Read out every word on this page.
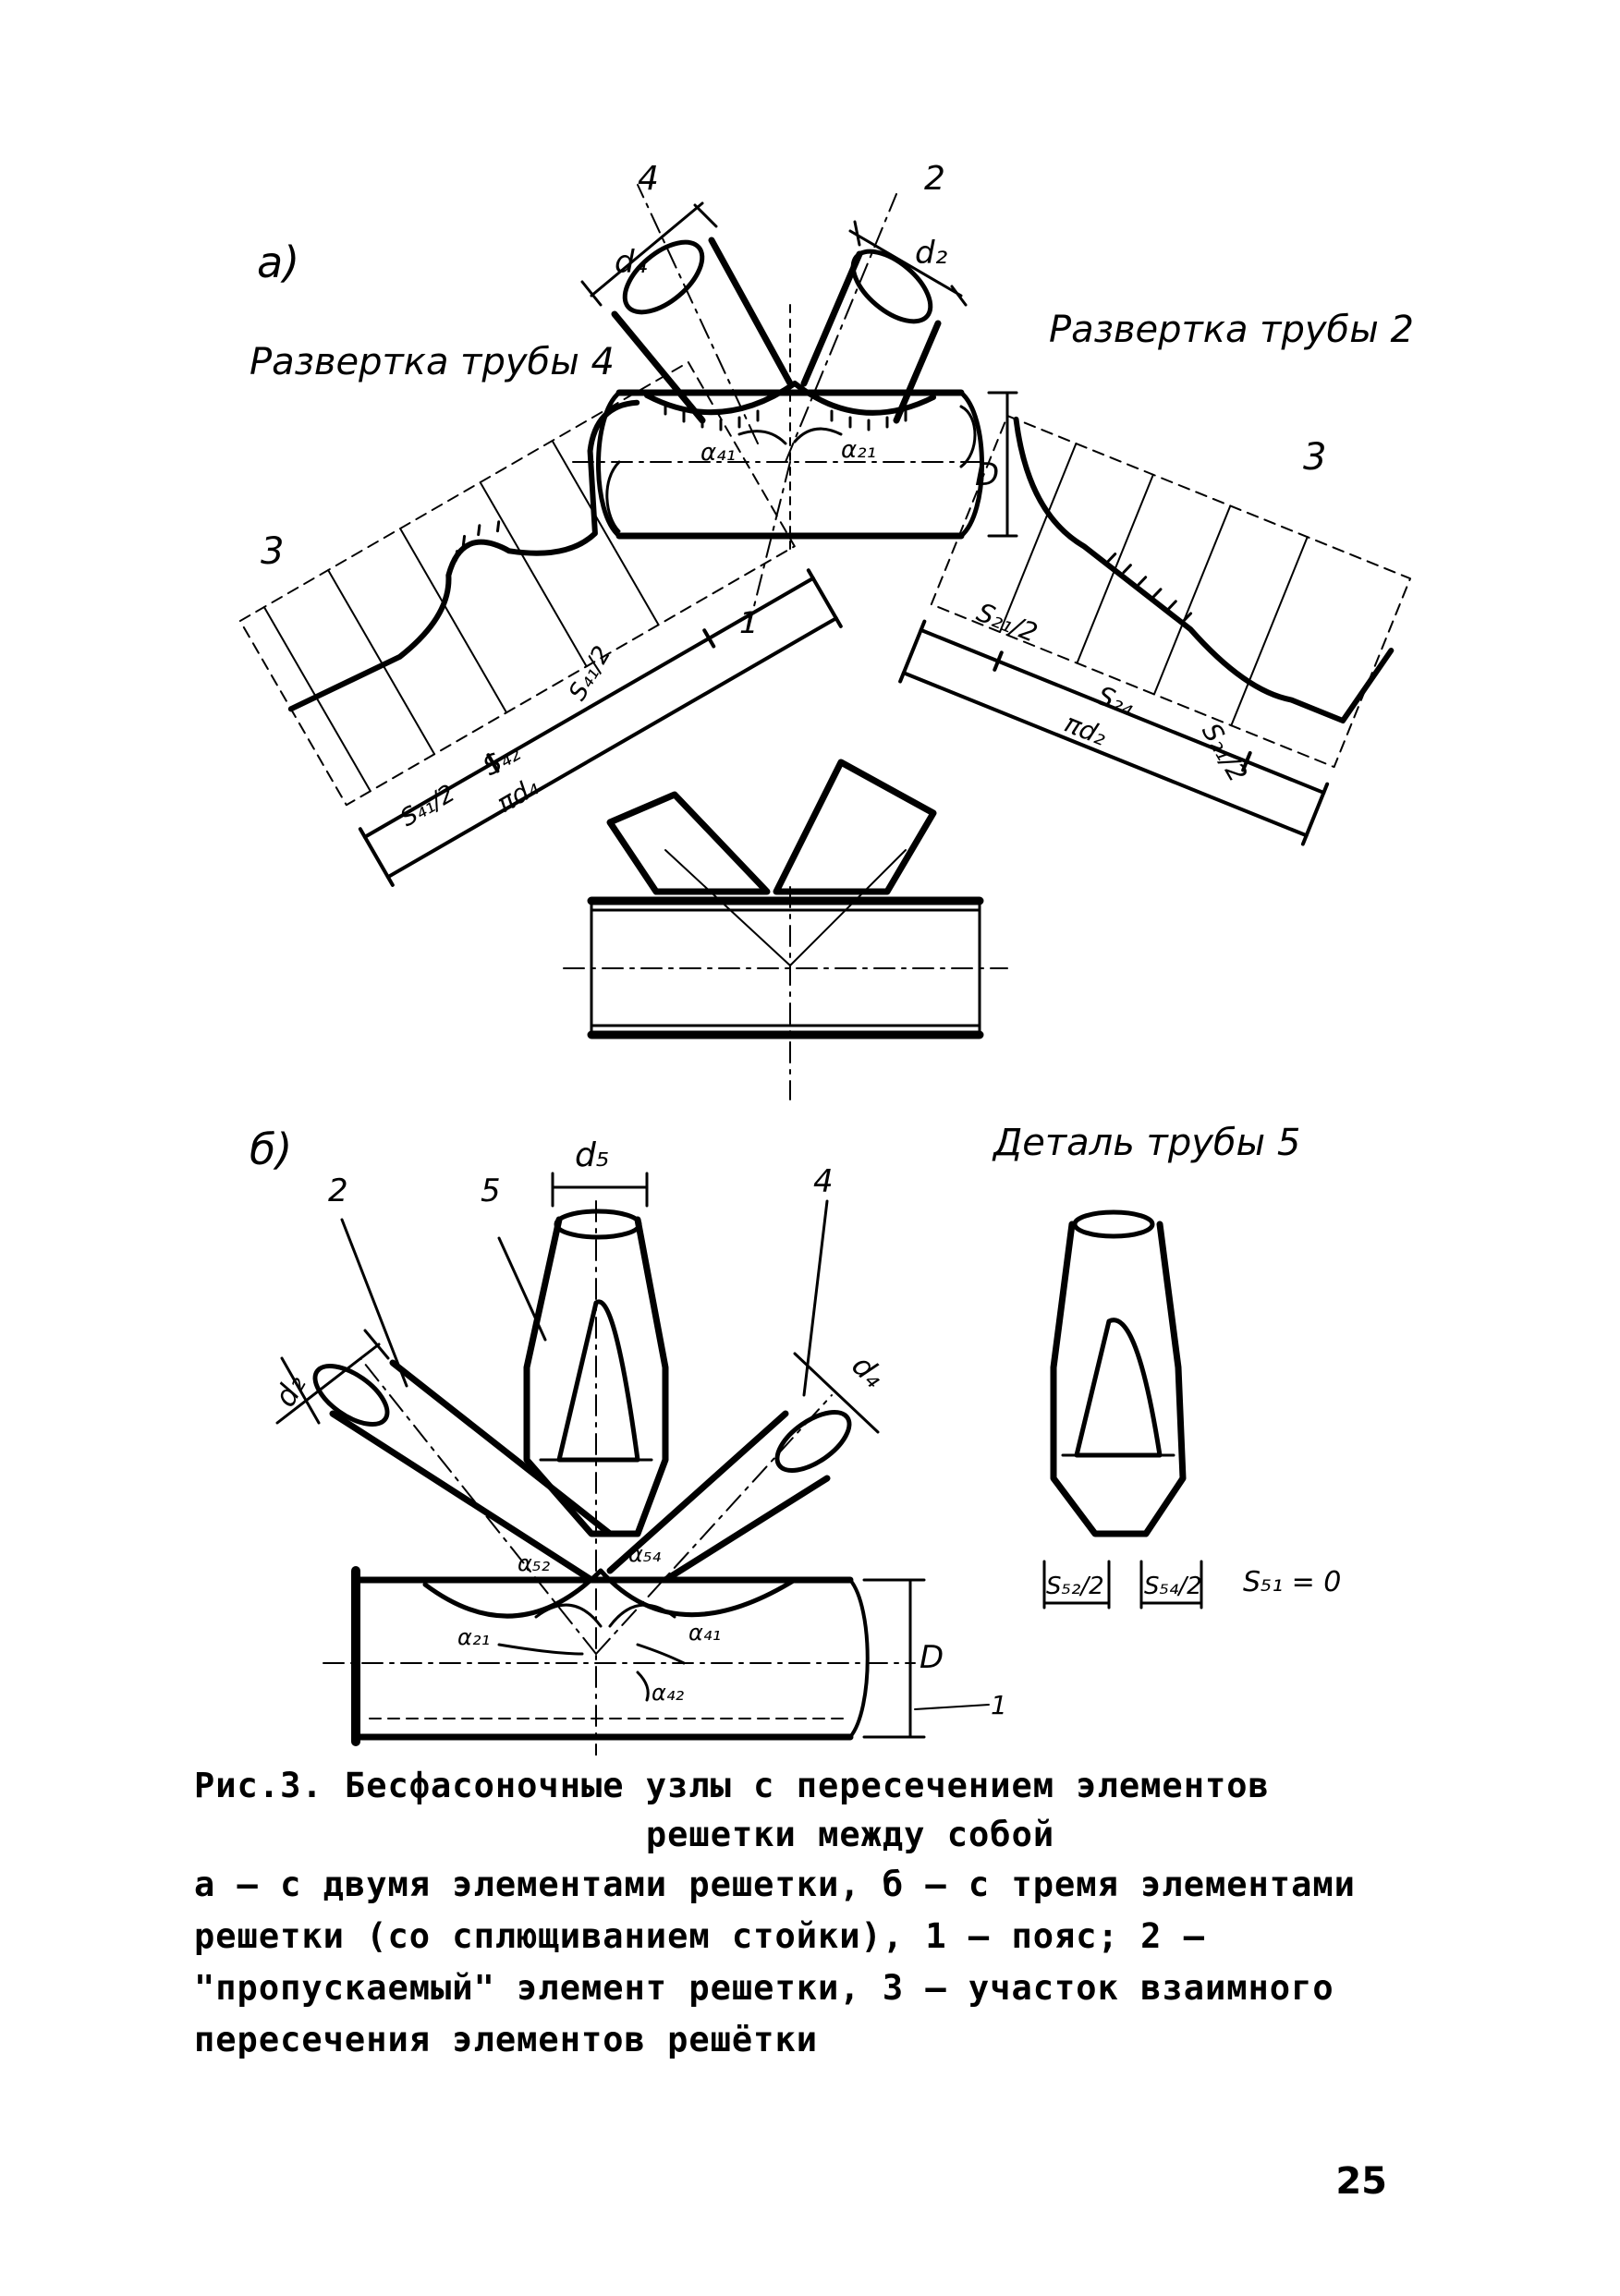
а)
Развертка трубы 4
Развертка трубы 2
4	2
1
3
3
d₄	d₂
α₄₁	α₂₁
D
S₄₁/2
S₄₂
S₄₁/2
πd₄
S₂₁/2
S₂₄
S₂₁/2
πd₂
б)	Деталь трубы 5
2	5	4
1
d₅
d₂	d₄
α₅₂	α₅₄
α₂₁	α₄₁
α₄₂
D
S₅₂/2 S₅₄/2 S₅₁ = 0
Рис.3. Бесфасоночные узлы с пересечением элементов
решетки между собой
а – с двумя элементами решетки, б – с тремя элементами решетки (со сплющиванием стойки), 1 – пояс; 2 – "пропускаемый" элемент решетки, 3 – участок взаимного пересечения элементов решётки
25
